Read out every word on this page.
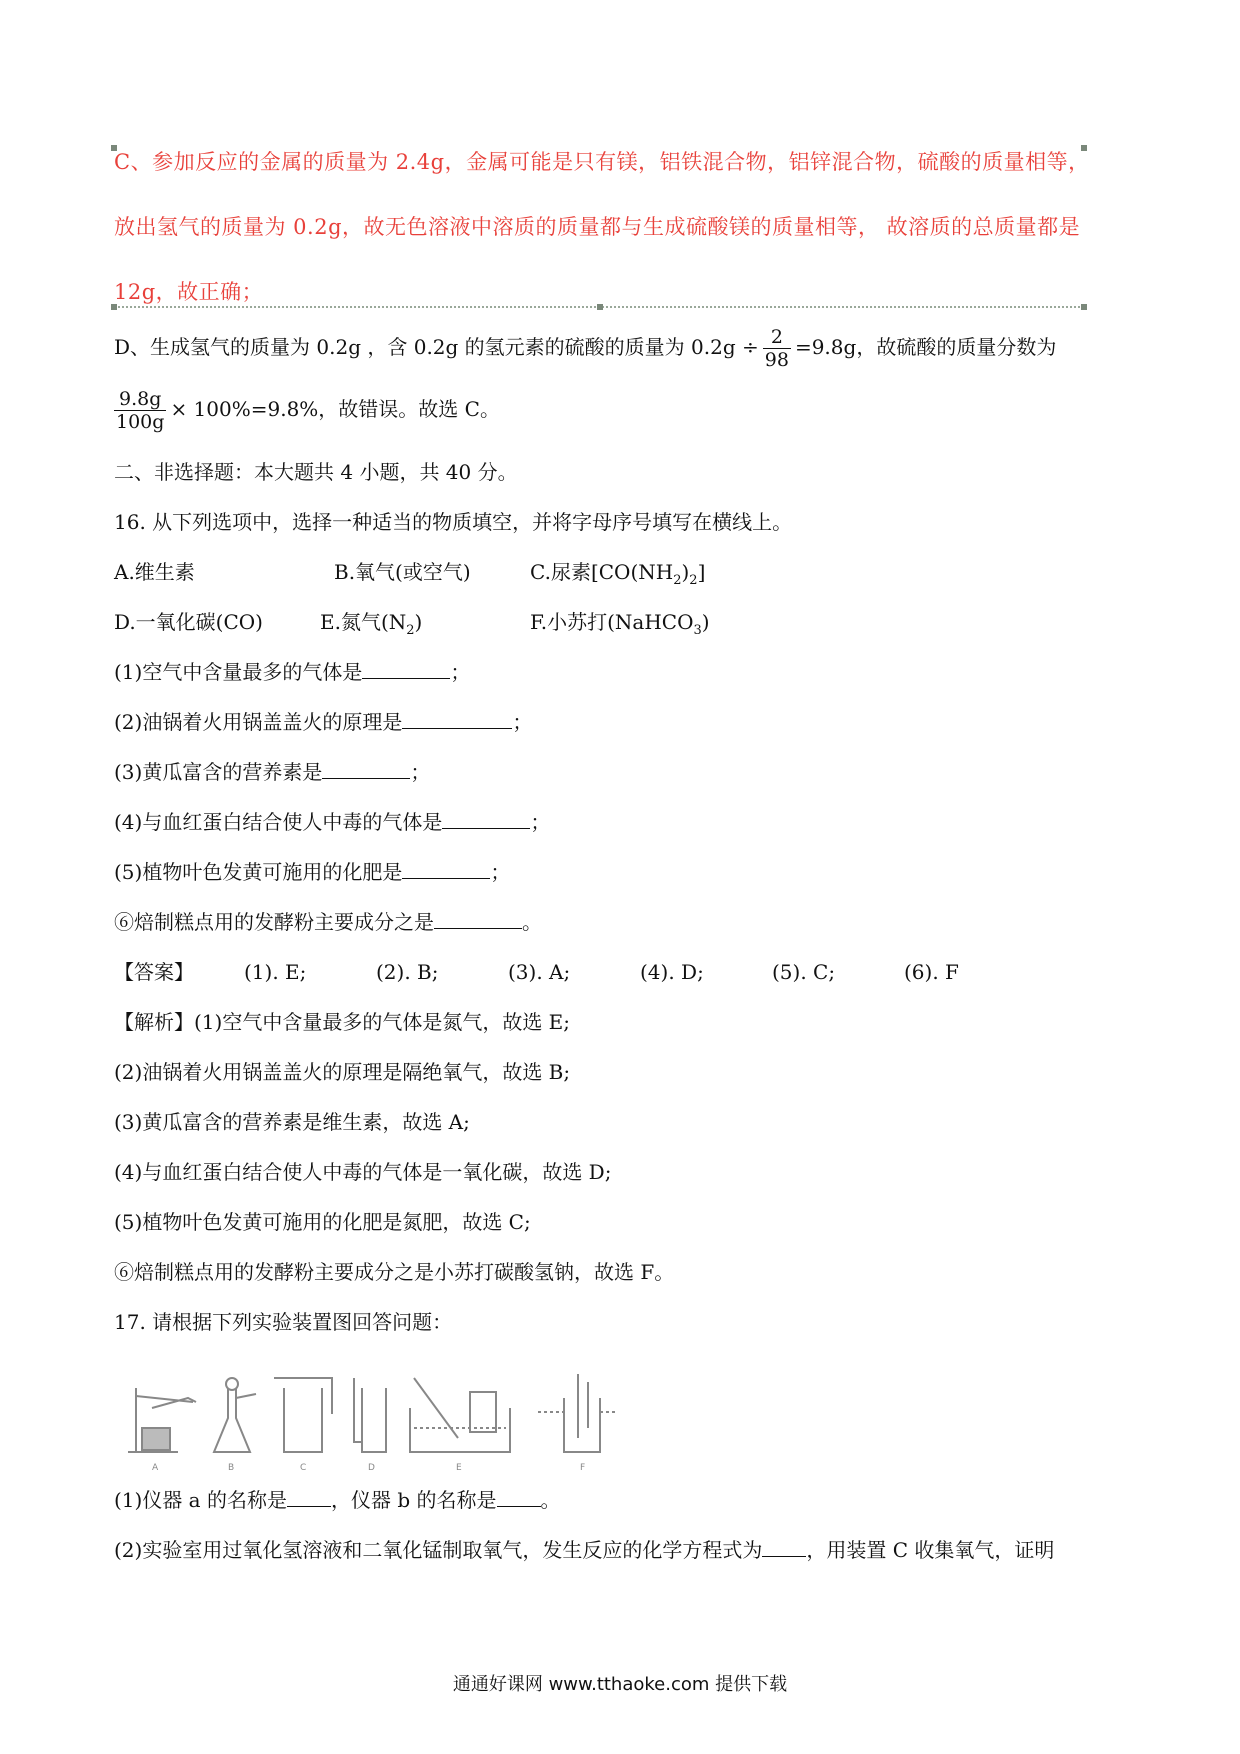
C、参加反应的金属的质量为 2.4g，金属可能是只有镁，铝铁混合物，铝锌混合物，硫酸的质量相等，
放出氢气的质量为 0.2g，故无色溶液中溶质的质量都与生成硫酸镁的质量相等， 故溶质的总质量都是
12g，故正确；
D、生成氢气的质量为 0.2g ，含 0.2g 的氢元素的硫酸的质量为 $0.2g \div \frac{2}{98} =9.8g$，故硫酸的质量分数为
$\frac{9.8g}{100g} \times 100\%=9.8\%$，故错误。故选 C。
二、非选择题：本大题共 4 小题，共 40 分。
16. 从下列选项中，选择一种适当的物质填空，并将字母序号填写在横线上。
A.维生素	B.氧气(或空气)	C.尿素$[CO(NH_2)_2]$
D.一氧化碳(CO)	E.氮气$(N_2)$	F.小苏打(NaHCO$_3$)
(1)空气中含量最多的气体是	；
(2)油锅着火用锅盖盖火的原理是	；
(3)黄瓜富含的营养素是	；
(4)与血红蛋白结合使人中毒的气体是	；
(5)植物叶色发黄可施用的化肥是	；
⑥焙制糕点用的发酵粉主要成分之是	。
【答案】	(1). E;	(2). B;	(3). A;	(4). D;	(5). C;	(6). F
【解析】(1)空气中含量最多的气体是氮气，故选 E;
(2)油锅着火用锅盖盖火的原理是隔绝氧气，故选 B;
(3)黄瓜富含的营养素是维生素，故选 A;
(4)与血红蛋白结合使人中毒的气体是一氧化碳，故选 D;
(5)植物叶色发黄可施用的化肥是氮肥，故选 C;
⑥焙制糕点用的发酵粉主要成分之是小苏打碳酸氢钠，故选 F。
17. 请根据下列实验装置图回答问题：
A	B	C	D	E	F
(1)仪器 a 的名称是 ，仪器 b 的名称是 。
(2)实验室用过氧化氢溶液和二氧化锰制取氧气，发生反应的化学方程式为 ，用装置 C 收集氧气，证明
通通好课网 www.tthaoke.com 提供下载
